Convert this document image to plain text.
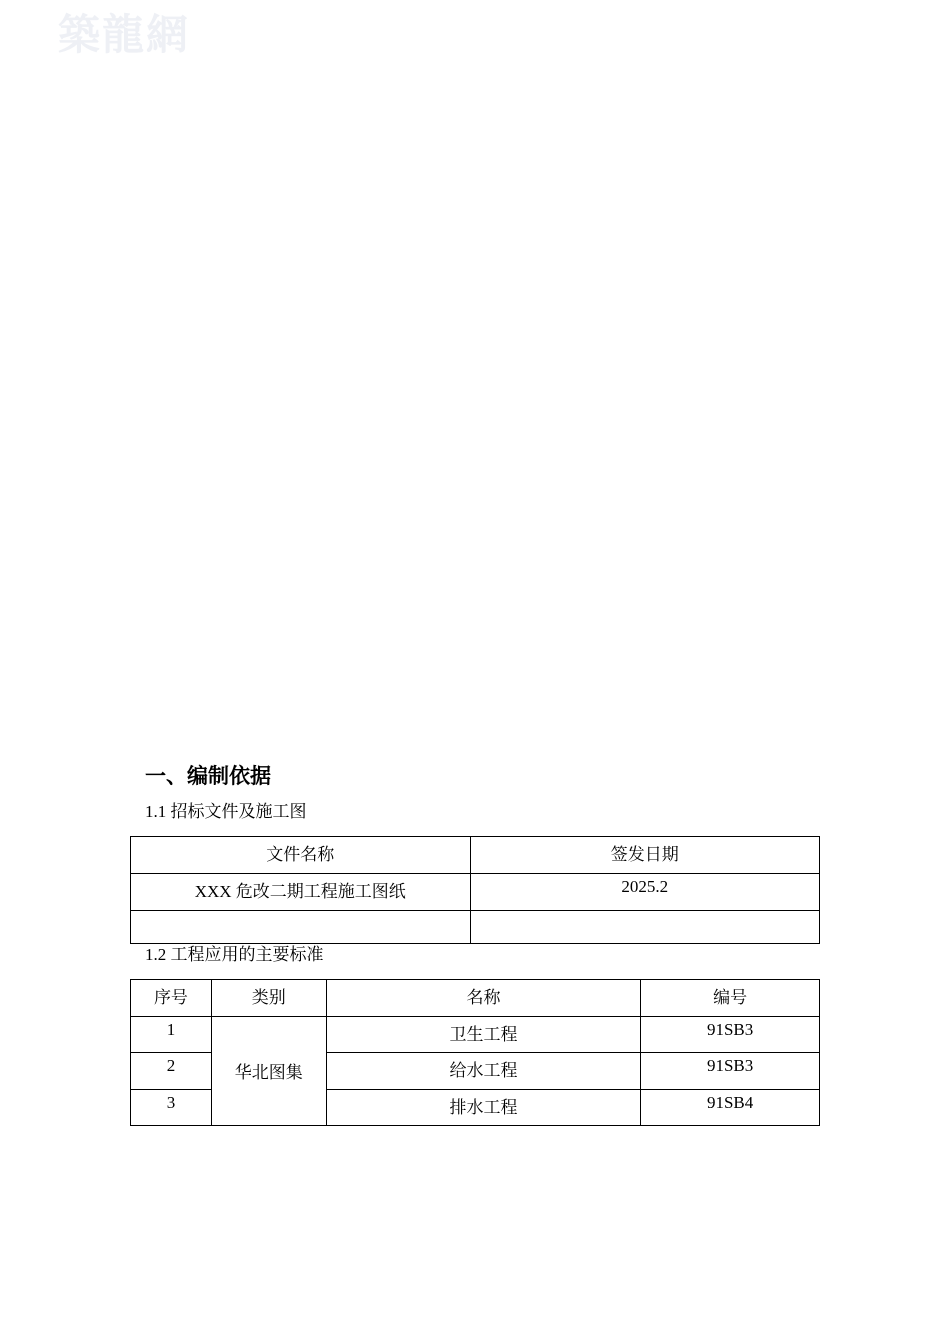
築龍網
一、编制依据
1.1 招标文件及施工图
文件名称	签发日期
XXX 危改二期工程施工图纸	2025.2

1.2 工程应用的主要标准
序号	类别	名称	编号
1	华北图集	卫生工程	91SB3
2		给水工程	91SB3
3		排水工程	91SB4
